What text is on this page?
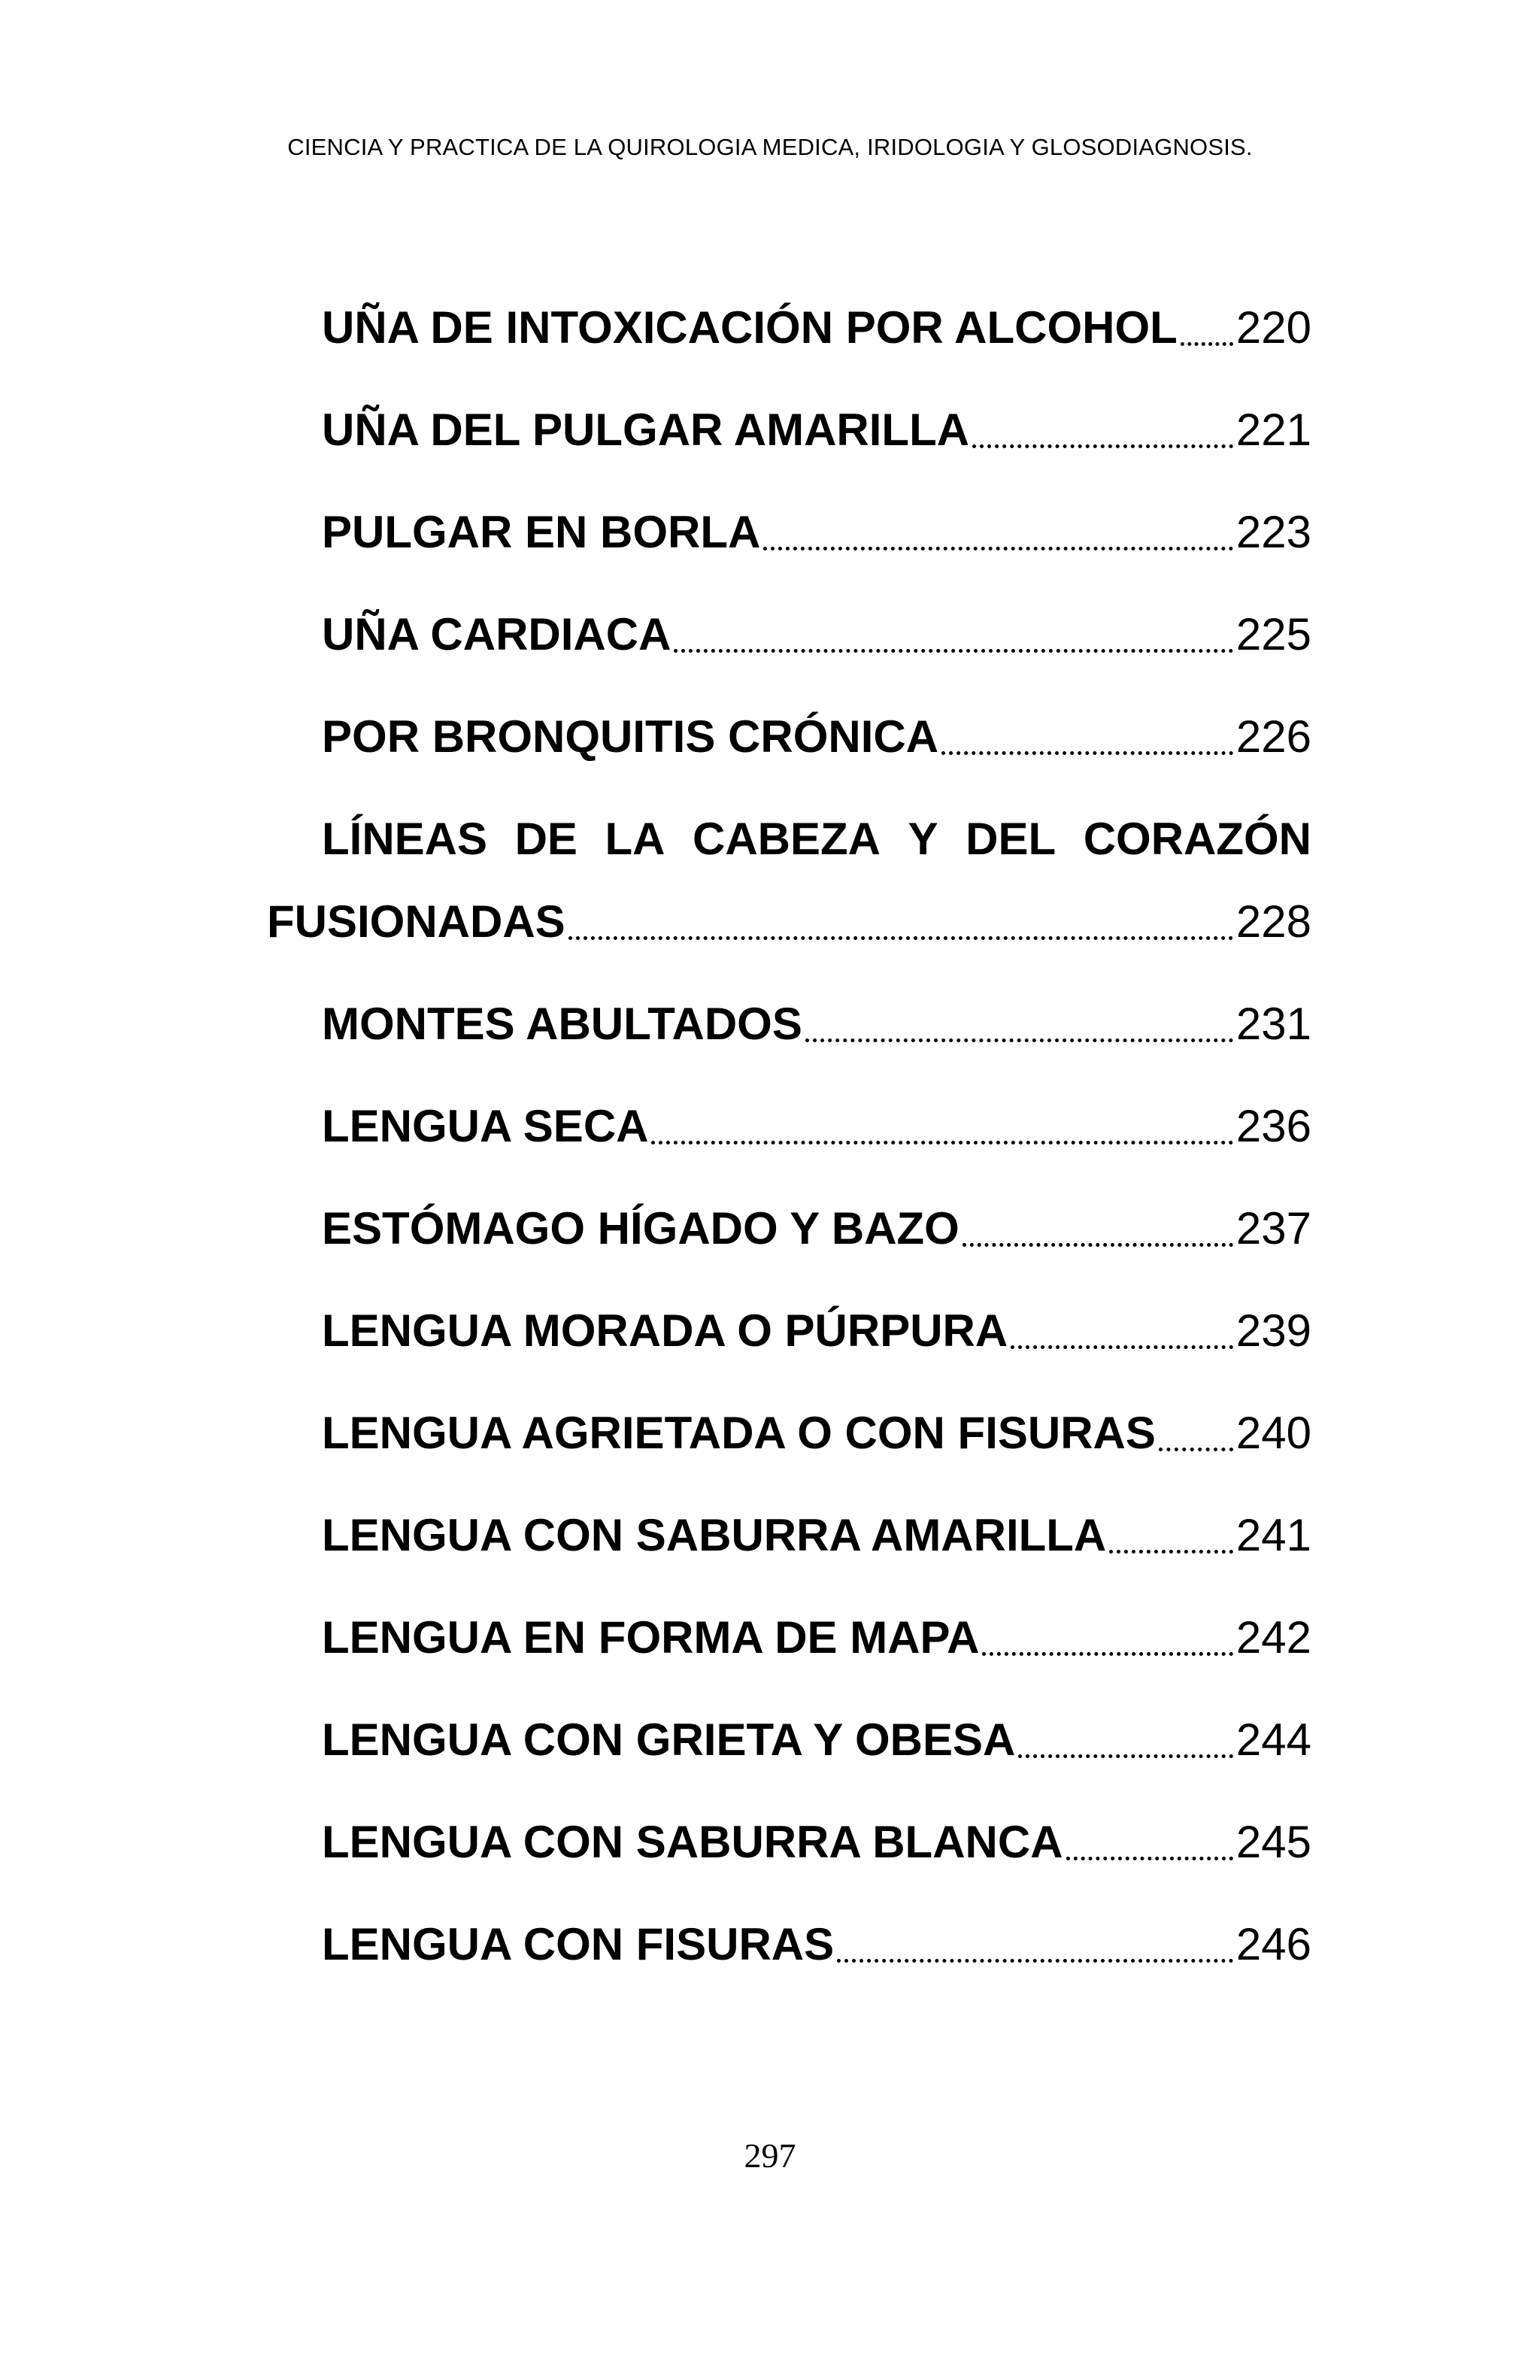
CIENCIA Y PRACTICA DE LA QUIROLOGIA MEDICA, IRIDOLOGIA Y GLOSODIAGNOSIS.
UÑA DE INTOXICACIÓN POR ALCOHOL 220
UÑA DEL PULGAR AMARILLA	221
PULGAR EN BORLA	223
UÑA CARDIACA	225
POR BRONQUITIS CRÓNICA	226
LÍNEAS DE LA CABEZA Y DEL CORAZÓN
FUSIONADAS	228
MONTES ABULTADOS	231
LENGUA SECA	236
ESTÓMAGO HÍGADO Y BAZO	237
LENGUA MORADA O PÚRPURA	239
LENGUA AGRIETADA O CON FISURAS 240
LENGUA CON SABURRA AMARILLA	241
LENGUA EN FORMA DE MAPA	242
LENGUA CON GRIETA Y OBESA	244
LENGUA CON SABURRA BLANCA	245
LENGUA CON FISURAS	246
297
